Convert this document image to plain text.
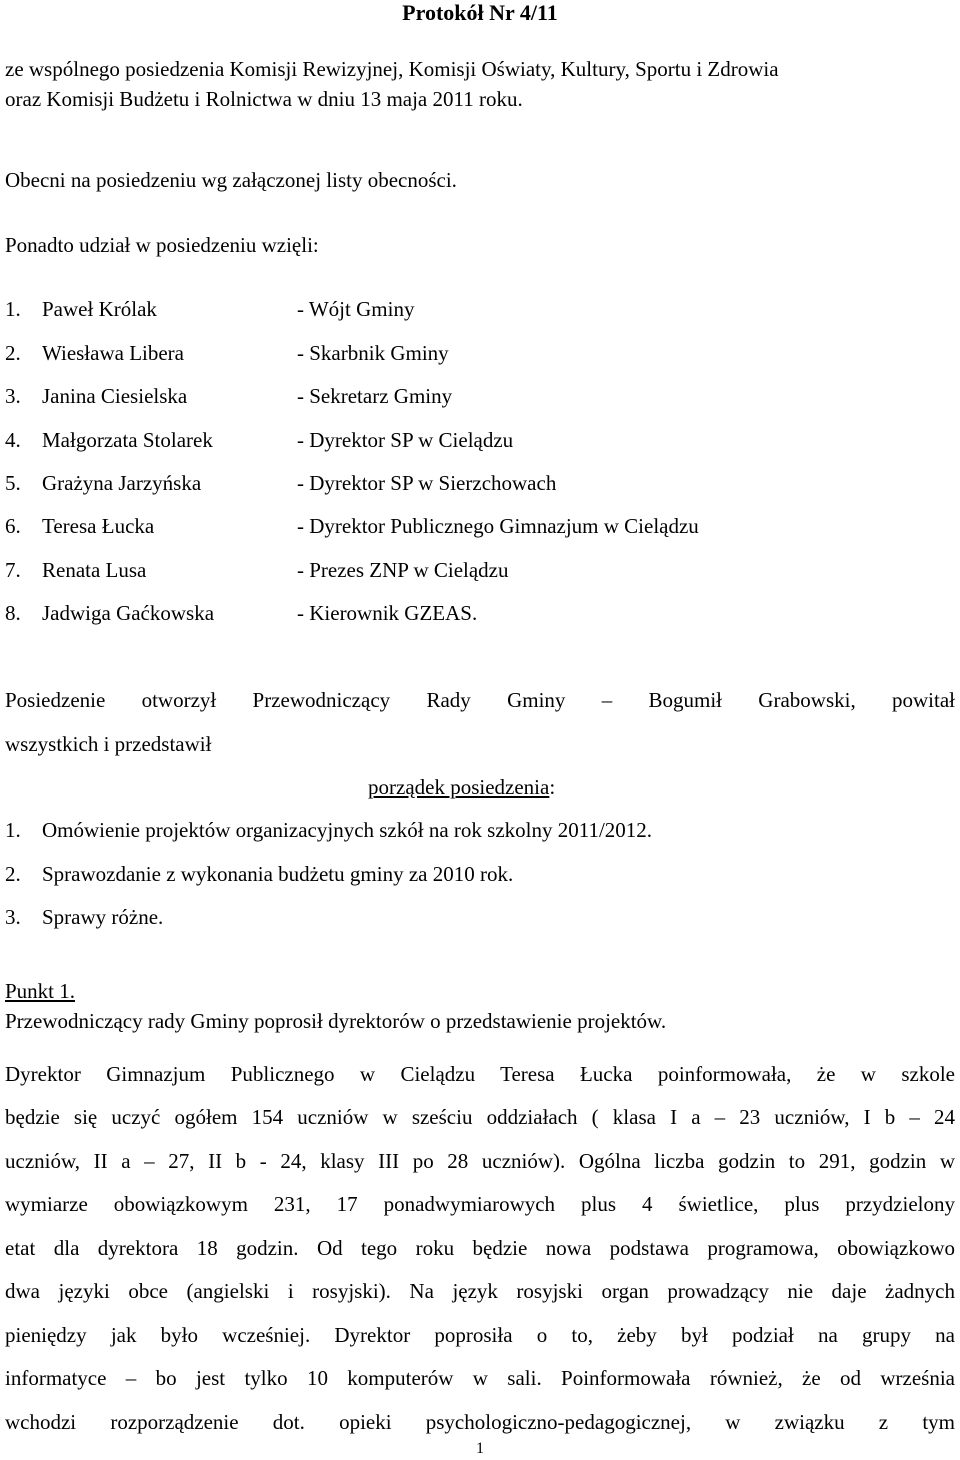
Protokół Nr 4/11
ze wspólnego posiedzenia Komisji Rewizyjnej, Komisji Oświaty, Kultury, Sportu i Zdrowia
oraz Komisji Budżetu i Rolnictwa w dniu 13 maja 2011 roku.
Obecni na posiedzeniu wg załączonej listy obecności.
Ponadto udział w posiedzeniu wzięli:
1. Paweł Królak	- Wójt Gminy
2. Wiesława Libera	- Skarbnik Gminy
3. Janina Ciesielska	- Sekretarz Gminy
4. Małgorzata Stolarek	- Dyrektor SP w Cielądzu
5. Grażyna Jarzyńska	- Dyrektor SP w Sierzchowach
6. Teresa Łucka	- Dyrektor Publicznego Gimnazjum w Cielądzu
7. Renata Lusa	- Prezes ZNP w Cielądzu
8. Jadwiga Gaćkowska	- Kierownik GZEAS.
Posiedzenie otworzył Przewodniczący Rady Gminy – Bogumił Grabowski, powitał
wszystkich i przedstawił
porządek posiedzenia:
1. Omówienie projektów organizacyjnych szkół na rok szkolny 2011/2012.
2. Sprawozdanie z wykonania budżetu gminy za 2010 rok.
3. Sprawy różne.
Punkt 1.
Przewodniczący rady Gminy poprosił dyrektorów o przedstawienie projektów.
Dyrektor Gimnazjum Publicznego w Cielądzu Teresa Łucka poinformowała, że w szkole
będzie się uczyć ogółem 154 uczniów w sześciu oddziałach ( klasa I a – 23 uczniów, I b – 24
uczniów, II a – 27, II b - 24, klasy III po 28 uczniów). Ogólna liczba godzin to 291, godzin w
wymiarze obowiązkowym 231, 17 ponadwymiarowych plus 4 świetlice, plus przydzielony
etat dla dyrektora 18 godzin. Od tego roku będzie nowa podstawa programowa, obowiązkowo
dwa języki obce (angielski i rosyjski). Na język rosyjski organ prowadzący nie daje żadnych
pieniędzy jak było wcześniej. Dyrektor poprosiła o to, żeby był podział na grupy na
informatyce – bo jest tylko 10 komputerów w sali. Poinformowała również, że od września
wchodzi rozporządzenie dot. opieki psychologiczno-pedagogicznej, w związku z tym
1
